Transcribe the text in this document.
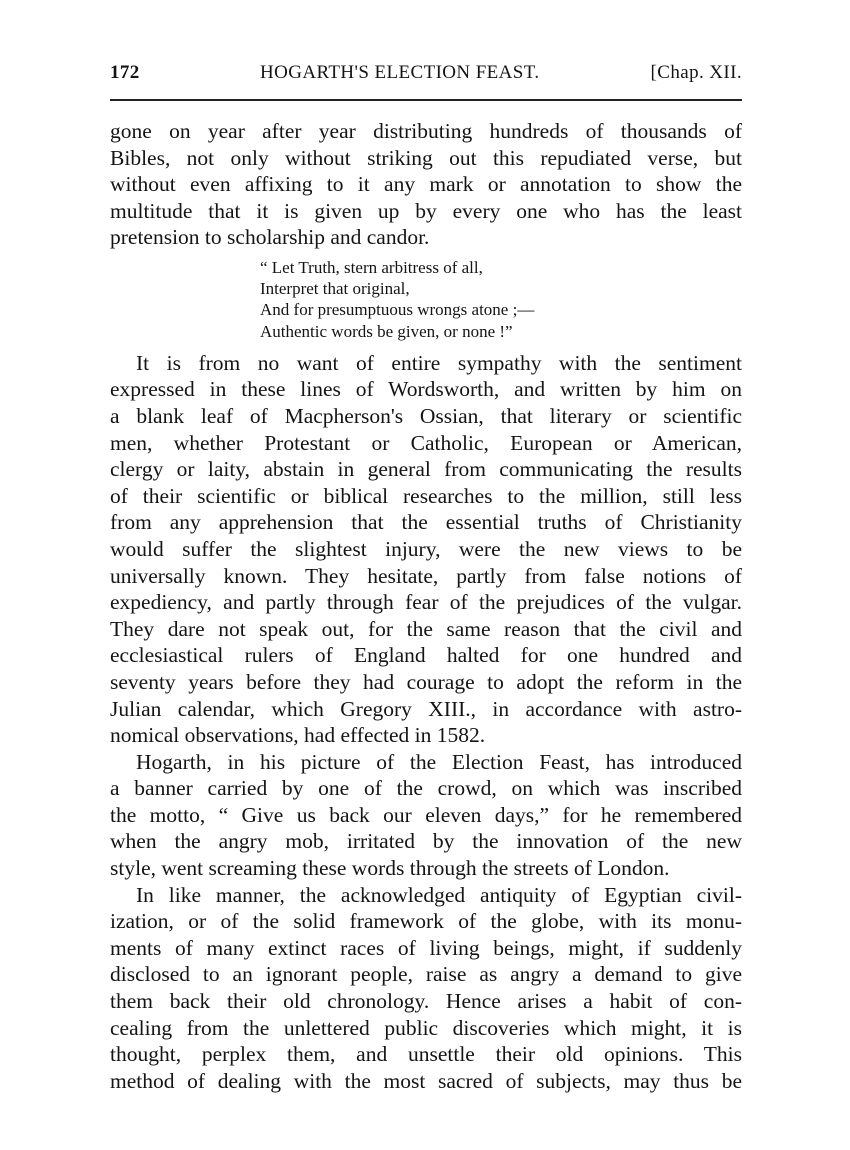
172	HOGARTH'S ELECTION FEAST.	[Chap. XII.
gone on year after year distributing hundreds of thousands of
Bibles, not only without striking out this repudiated verse, but
without even affixing to it any mark or annotation to show the
multitude that it is given up by every one who has the least
pretension to scholarship and candor.
“ Let Truth, stern arbitress of all,
Interpret that original,
And for presumptuous wrongs atone ;—
Authentic words be given, or none !”
It is from no want of entire sympathy with the sentiment
expressed in these lines of Wordsworth, and written by him on
a blank leaf of Macpherson's Ossian, that literary or scientific
men, whether Protestant or Catholic, European or American,
clergy or laity, abstain in general from communicating the results
of their scientific or biblical researches to the million, still less
from any apprehension that the essential truths of Christianity
would suffer the slightest injury, were the new views to be
universally known. They hesitate, partly from false notions of
expediency, and partly through fear of the prejudices of the vulgar.
They dare not speak out, for the same reason that the civil and
ecclesiastical rulers of England halted for one hundred and
seventy years before they had courage to adopt the reform in the
Julian calendar, which Gregory XIII., in accordance with astro-
nomical observations, had effected in 1582.
Hogarth, in his picture of the Election Feast, has introduced
a banner carried by one of the crowd, on which was inscribed
the motto, “ Give us back our eleven days,” for he remembered
when the angry mob, irritated by the innovation of the new
style, went screaming these words through the streets of London.
In like manner, the acknowledged antiquity of Egyptian civil-
ization, or of the solid framework of the globe, with its monu-
ments of many extinct races of living beings, might, if suddenly
disclosed to an ignorant people, raise as angry a demand to give
them back their old chronology. Hence arises a habit of con-
cealing from the unlettered public discoveries which might, it is
thought, perplex them, and unsettle their old opinions. This
method of dealing with the most sacred of subjects, may thus be
